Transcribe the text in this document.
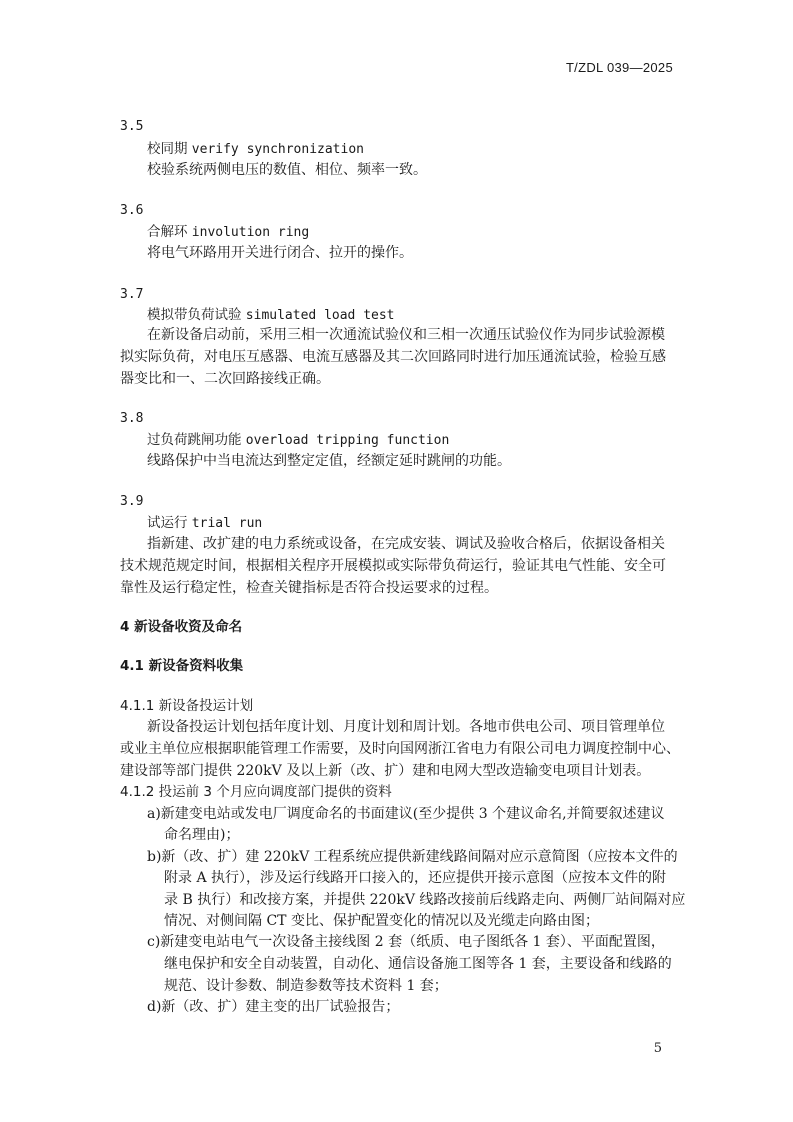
T/ZDL 039—2025
3.5
校同期 verify synchronization
校验系统两侧电压的数值、相位、频率一致。
3.6
合解环 involution ring
将电气环路用开关进行闭合、拉开的操作。
3.7
模拟带负荷试验 simulated load test
在新设备启动前，采用三相一次通流试验仪和三相一次通压试验仪作为同步试验源模
拟实际负荷，对电压互感器、电流互感器及其二次回路同时进行加压通流试验，检验互感
器变比和一、二次回路接线正确。
3.8
过负荷跳闸功能 overload tripping function
线路保护中当电流达到整定定值，经额定延时跳闸的功能。
3.9
试运行 trial run
指新建、改扩建的电力系统或设备，在完成安装、调试及验收合格后，依据设备相关
技术规范规定时间，根据相关程序开展模拟或实际带负荷运行，验证其电气性能、安全可
靠性及运行稳定性，检查关键指标是否符合投运要求的过程。
4 新设备收资及命名
4.1 新设备资料收集
4.1.1 新设备投运计划
新设备投运计划包括年度计划、月度计划和周计划。各地市供电公司、项目管理单位
或业主单位应根据职能管理工作需要，及时向国网浙江省电力有限公司电力调度控制中心、
建设部等部门提供 220kV 及以上新（改、扩）建和电网大型改造输变电项目计划表。
4.1.2 投运前 3 个月应向调度部门提供的资料
a)新建变电站或发电厂调度命名的书面建议(至少提供 3 个建议命名,并简要叙述建议
命名理由)；
b)新（改、扩）建 220kV 工程系统应提供新建线路间隔对应示意简图（应按本文件的
附录 A 执行），涉及运行线路开口接入的，还应提供开接示意图（应按本文件的附
录 B 执行）和改接方案，并提供 220kV 线路改接前后线路走向、两侧厂站间隔对应
情况、对侧间隔 CT 变比、保护配置变化的情况以及光缆走向路由图；
c)新建变电站电气一次设备主接线图 2 套（纸质、电子图纸各 1 套）、平面配置图，
继电保护和安全自动装置，自动化、通信设备施工图等各 1 套，主要设备和线路的
规范、设计参数、制造参数等技术资料 1 套；
d)新（改、扩）建主变的出厂试验报告；
5
